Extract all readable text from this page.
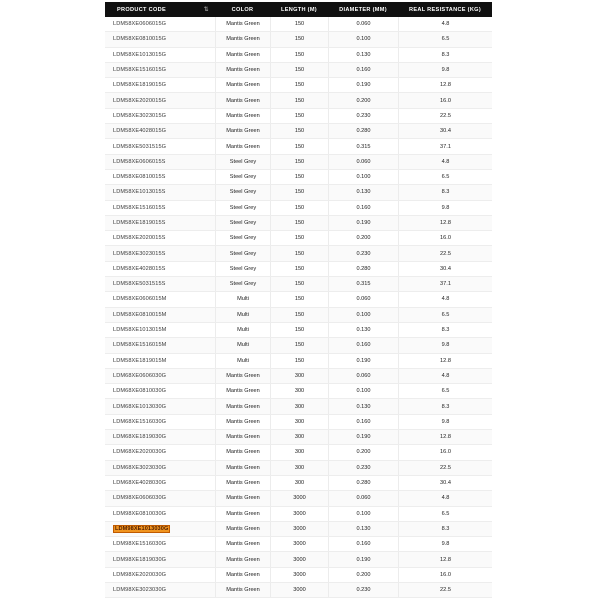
PRODUCT CODE	⇅	COLOR	LENGTH (M)	DIAMETER (MM)	REAL RESISTANCE (KG)
LDM58XE0606015G	Mantis Green	150	0.060	4.8
LDM58XE0810015G	Mantis Green	150	0.100	6.5
LDM58XE1013015G	Mantis Green	150	0.130	8.3
LDM58XE1516015G	Mantis Green	150	0.160	9.8
LDM58XE1819015G	Mantis Green	150	0.190	12.8
LDM58XE2020015G	Mantis Green	150	0.200	16.0
LDM58XE3023015G	Mantis Green	150	0.230	22.5
LDM58XE4028015G	Mantis Green	150	0.280	30.4
LDM58XE5031515G	Mantis Green	150	0.315	37.1
LDM58XE0606015S	Steel Grey	150	0.060	4.8
LDM58XE0810015S	Steel Grey	150	0.100	6.5
LDM58XE1013015S	Steel Grey	150	0.130	8.3
LDM58XE1516015S	Steel Grey	150	0.160	9.8
LDM58XE1819015S	Steel Grey	150	0.190	12.8
LDM58XE2020015S	Steel Grey	150	0.200	16.0
LDM58XE3023015S	Steel Grey	150	0.230	22.5
LDM58XE4028015S	Steel Grey	150	0.280	30.4
LDM58XE5031515S	Steel Grey	150	0.315	37.1
LDM58XE0606015M	Multi	150	0.060	4.8
LDM58XE0810015M	Multi	150	0.100	6.5
LDM58XE1013015M	Multi	150	0.130	8.3
LDM58XE1516015M	Multi	150	0.160	9.8
LDM58XE1819015M	Multi	150	0.190	12.8
LDM68XE0606030G	Mantis Green	300	0.060	4.8
LDM68XE0810030G	Mantis Green	300	0.100	6.5
LDM68XE1013030G	Mantis Green	300	0.130	8.3
LDM68XE1516030G	Mantis Green	300	0.160	9.8
LDM68XE1819030G	Mantis Green	300	0.190	12.8
LDM68XE2020030G	Mantis Green	300	0.200	16.0
LDM68XE3023030G	Mantis Green	300	0.230	22.5
LDM68XE4028030G	Mantis Green	300	0.280	30.4
LDM98XE0606030G	Mantis Green	3000	0.060	4.8
LDM98XE0810030G	Mantis Green	3000	0.100	6.5
LDM98XE1013030G	Mantis Green	3000	0.130	8.3
LDM98XE1516030G	Mantis Green	3000	0.160	9.8
LDM98XE1819030G	Mantis Green	3000	0.190	12.8
LDM98XE2020030G	Mantis Green	3000	0.200	16.0
LDM98XE3023030G	Mantis Green	3000	0.230	22.5
